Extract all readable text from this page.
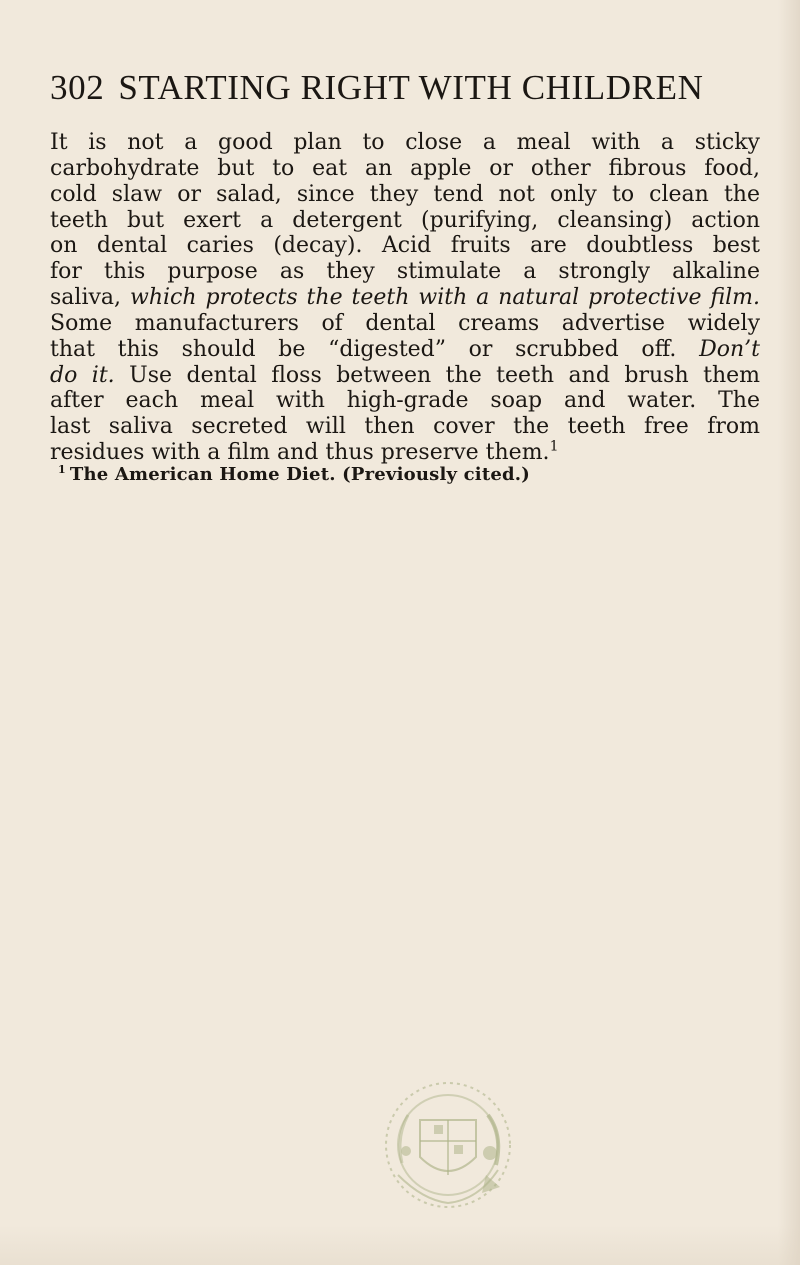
302 STARTING RIGHT WITH CHILDREN
It is not a good plan to close a meal with a sticky
carbohydrate but to eat an apple or other fibrous food,
cold slaw or salad, since they tend not only to clean the
teeth but exert a detergent (purifying, cleansing) action
on dental caries (decay). Acid fruits are doubtless best
for this purpose as they stimulate a strongly alkaline
saliva, which protects the teeth with a natural protective film.
Some manufacturers of dental creams advertise widely
that this should be “digested” or scrubbed off. Don’t
do it. Use dental floss between the teeth and brush them
after each meal with high-grade soap and water. The
last saliva secreted will then cover the teeth free from
residues with a film and thus preserve them.$^1$
$^1$ The American Home Diet. (Previously cited.)
